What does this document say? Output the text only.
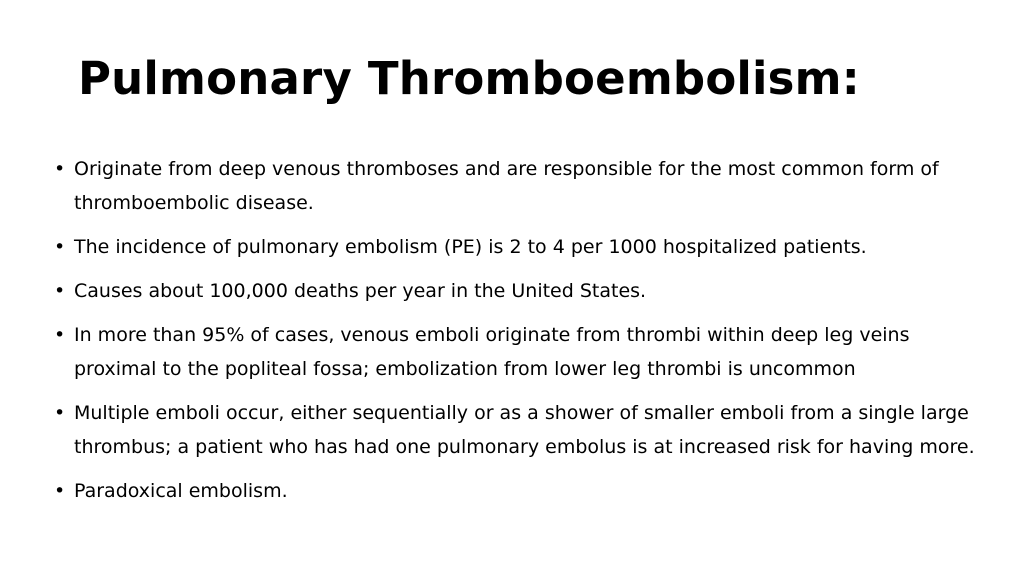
Pulmonary Thromboembolism:
• Originate from deep venous thromboses and are responsible for the most common form of thromboembolic disease.
• The incidence of pulmonary embolism (PE) is 2 to 4 per 1000 hospitalized patients.
• Causes about 100,000 deaths per year in the United States.
• In more than 95% of cases, venous emboli originate from thrombi within deep leg veins proximal to the popliteal fossa; embolization from lower leg thrombi is uncommon
• Multiple emboli occur, either sequentially or as a shower of smaller emboli from a single large thrombus; a patient who has had one pulmonary embolus is at increased risk for having more.
• Paradoxical embolism.
